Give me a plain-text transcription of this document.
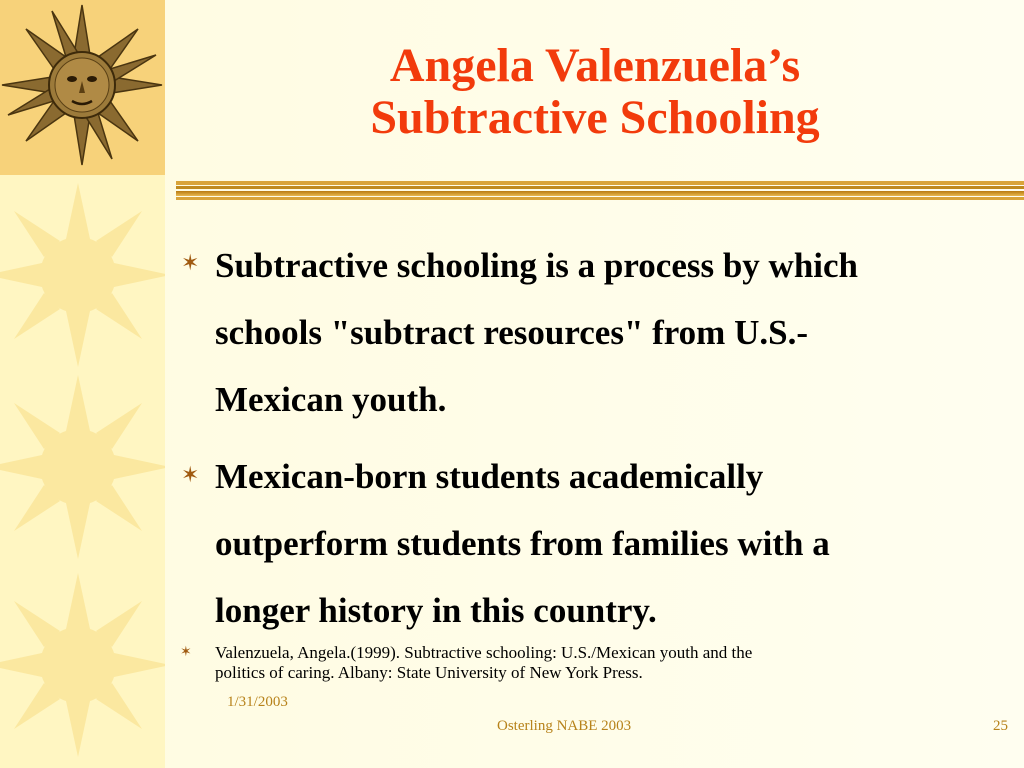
Angela Valenzuela’s
Subtractive Schooling
✶ Subtractive schooling is a process by which
schools "subtract resources" from U.S.-
Mexican youth.
✶ Mexican-born students academically
outperform students from families with a
longer history in this country.
✶ Valenzuela, Angela.(1999). Subtractive schooling: U.S./Mexican youth and the
politics of caring. Albany: State University of New York Press.
1/31/2003
Osterling NABE 2003	25
